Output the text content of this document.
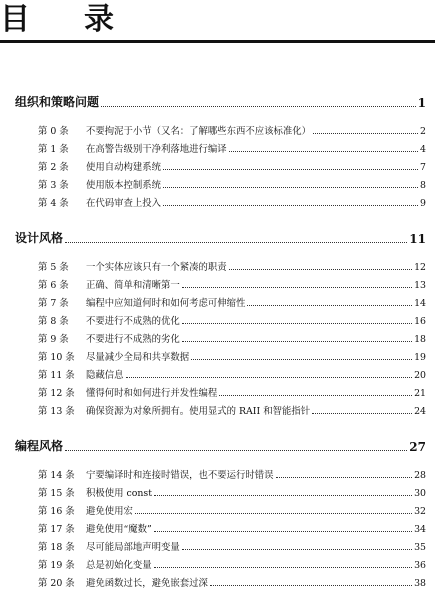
目录
组织和策略问题	1
第 0 条	不要拘泥于小节（又名：了解哪些东西不应该标准化）	2
第 1 条	在高警告级别干净利落地进行编译	4
第 2 条	使用自动构建系统	7
第 3 条	使用版本控制系统	8
第 4 条	在代码审查上投入	9
设计风格	11
第 5 条	一个实体应该只有一个紧凑的职责	12
第 6 条	正确、简单和清晰第一	13
第 7 条	编程中应知道何时和如何考虑可伸缩性	14
第 8 条	不要进行不成熟的优化	16
第 9 条	不要进行不成熟的劣化	18
第 10 条	尽量减少全局和共享数据	19
第 11 条	隐藏信息	20
第 12 条	懂得何时和如何进行并发性编程	21
第 13 条	确保资源为对象所拥有。使用显式的 RAII 和智能指针	24
编程风格	27
第 14 条	宁要编译时和连接时错误，也不要运行时错误	28
第 15 条	积极使用 const	30
第 16 条	避免使用宏	32
第 17 条	避免使用“魔数”	34
第 18 条	尽可能局部地声明变量	35
第 19 条	总是初始化变量	36
第 20 条	避免函数过长，避免嵌套过深	38
